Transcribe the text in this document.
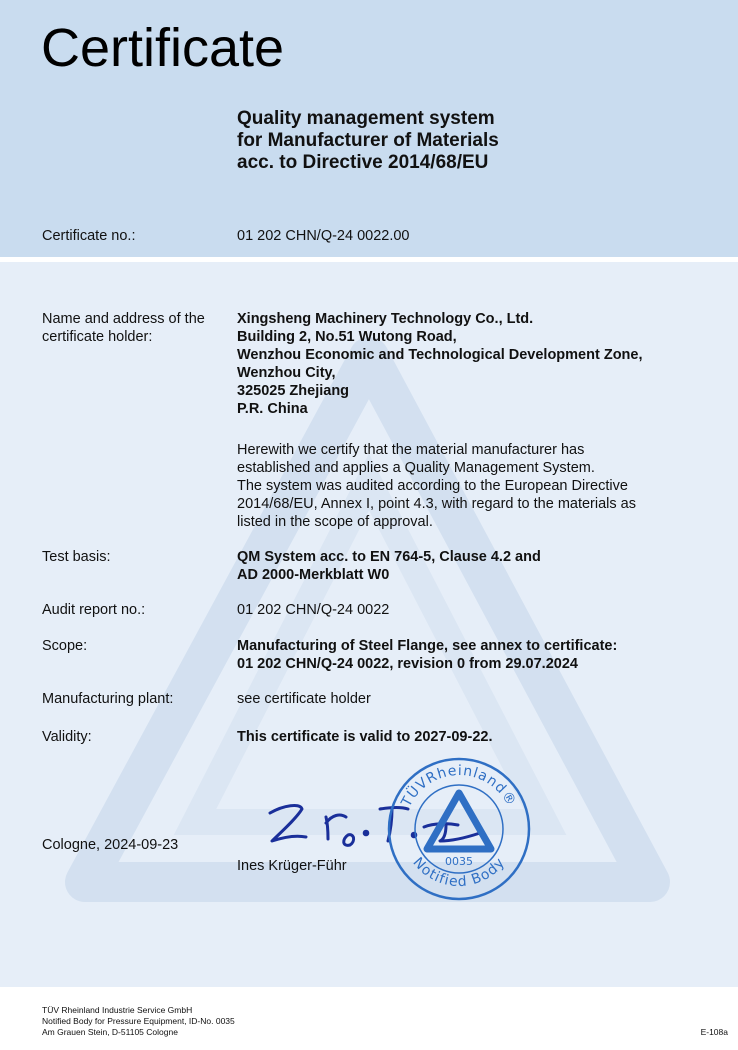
Certificate
Quality management system
for Manufacturer of Materials
acc. to Directive 2014/68/EU
Certificate no.:	01 202 CHN/Q-24 0022.00
Name and address of the
certificate holder:
Xingsheng Machinery Technology Co., Ltd.
Building 2, No.51 Wutong Road,
Wenzhou Economic and Technological Development Zone,
Wenzhou City,
325025 Zhejiang
P.R. China
Herewith we certify that the material manufacturer has
established and applies a Quality Management System.
The system was audited according to the European Directive
2014/68/EU, Annex I, point 4.3, with regard to the materials as
listed in the scope of approval.
Test basis:	QM System acc. to EN 764-5, Clause 4.2 and
AD 2000-Merkblatt W0
Audit report no.:	01 202 CHN/Q-24 0022
Scope:	Manufacturing of Steel Flange, see annex to certificate:
01 202 CHN/Q-24 0022, revision 0 from 29.07.2024
Manufacturing plant:	see certificate holder
Validity:	This certificate is valid to 2027-09-22.
Cologne, 2024-09-23
Ines Krüger-Führ
TÜVRheinland®
Notified Body
0035
TÜV Rheinland Industrie Service GmbH
Notified Body for Pressure Equipment, ID-No. 0035
Am Grauen Stein, D-51105 Cologne	E-108a
